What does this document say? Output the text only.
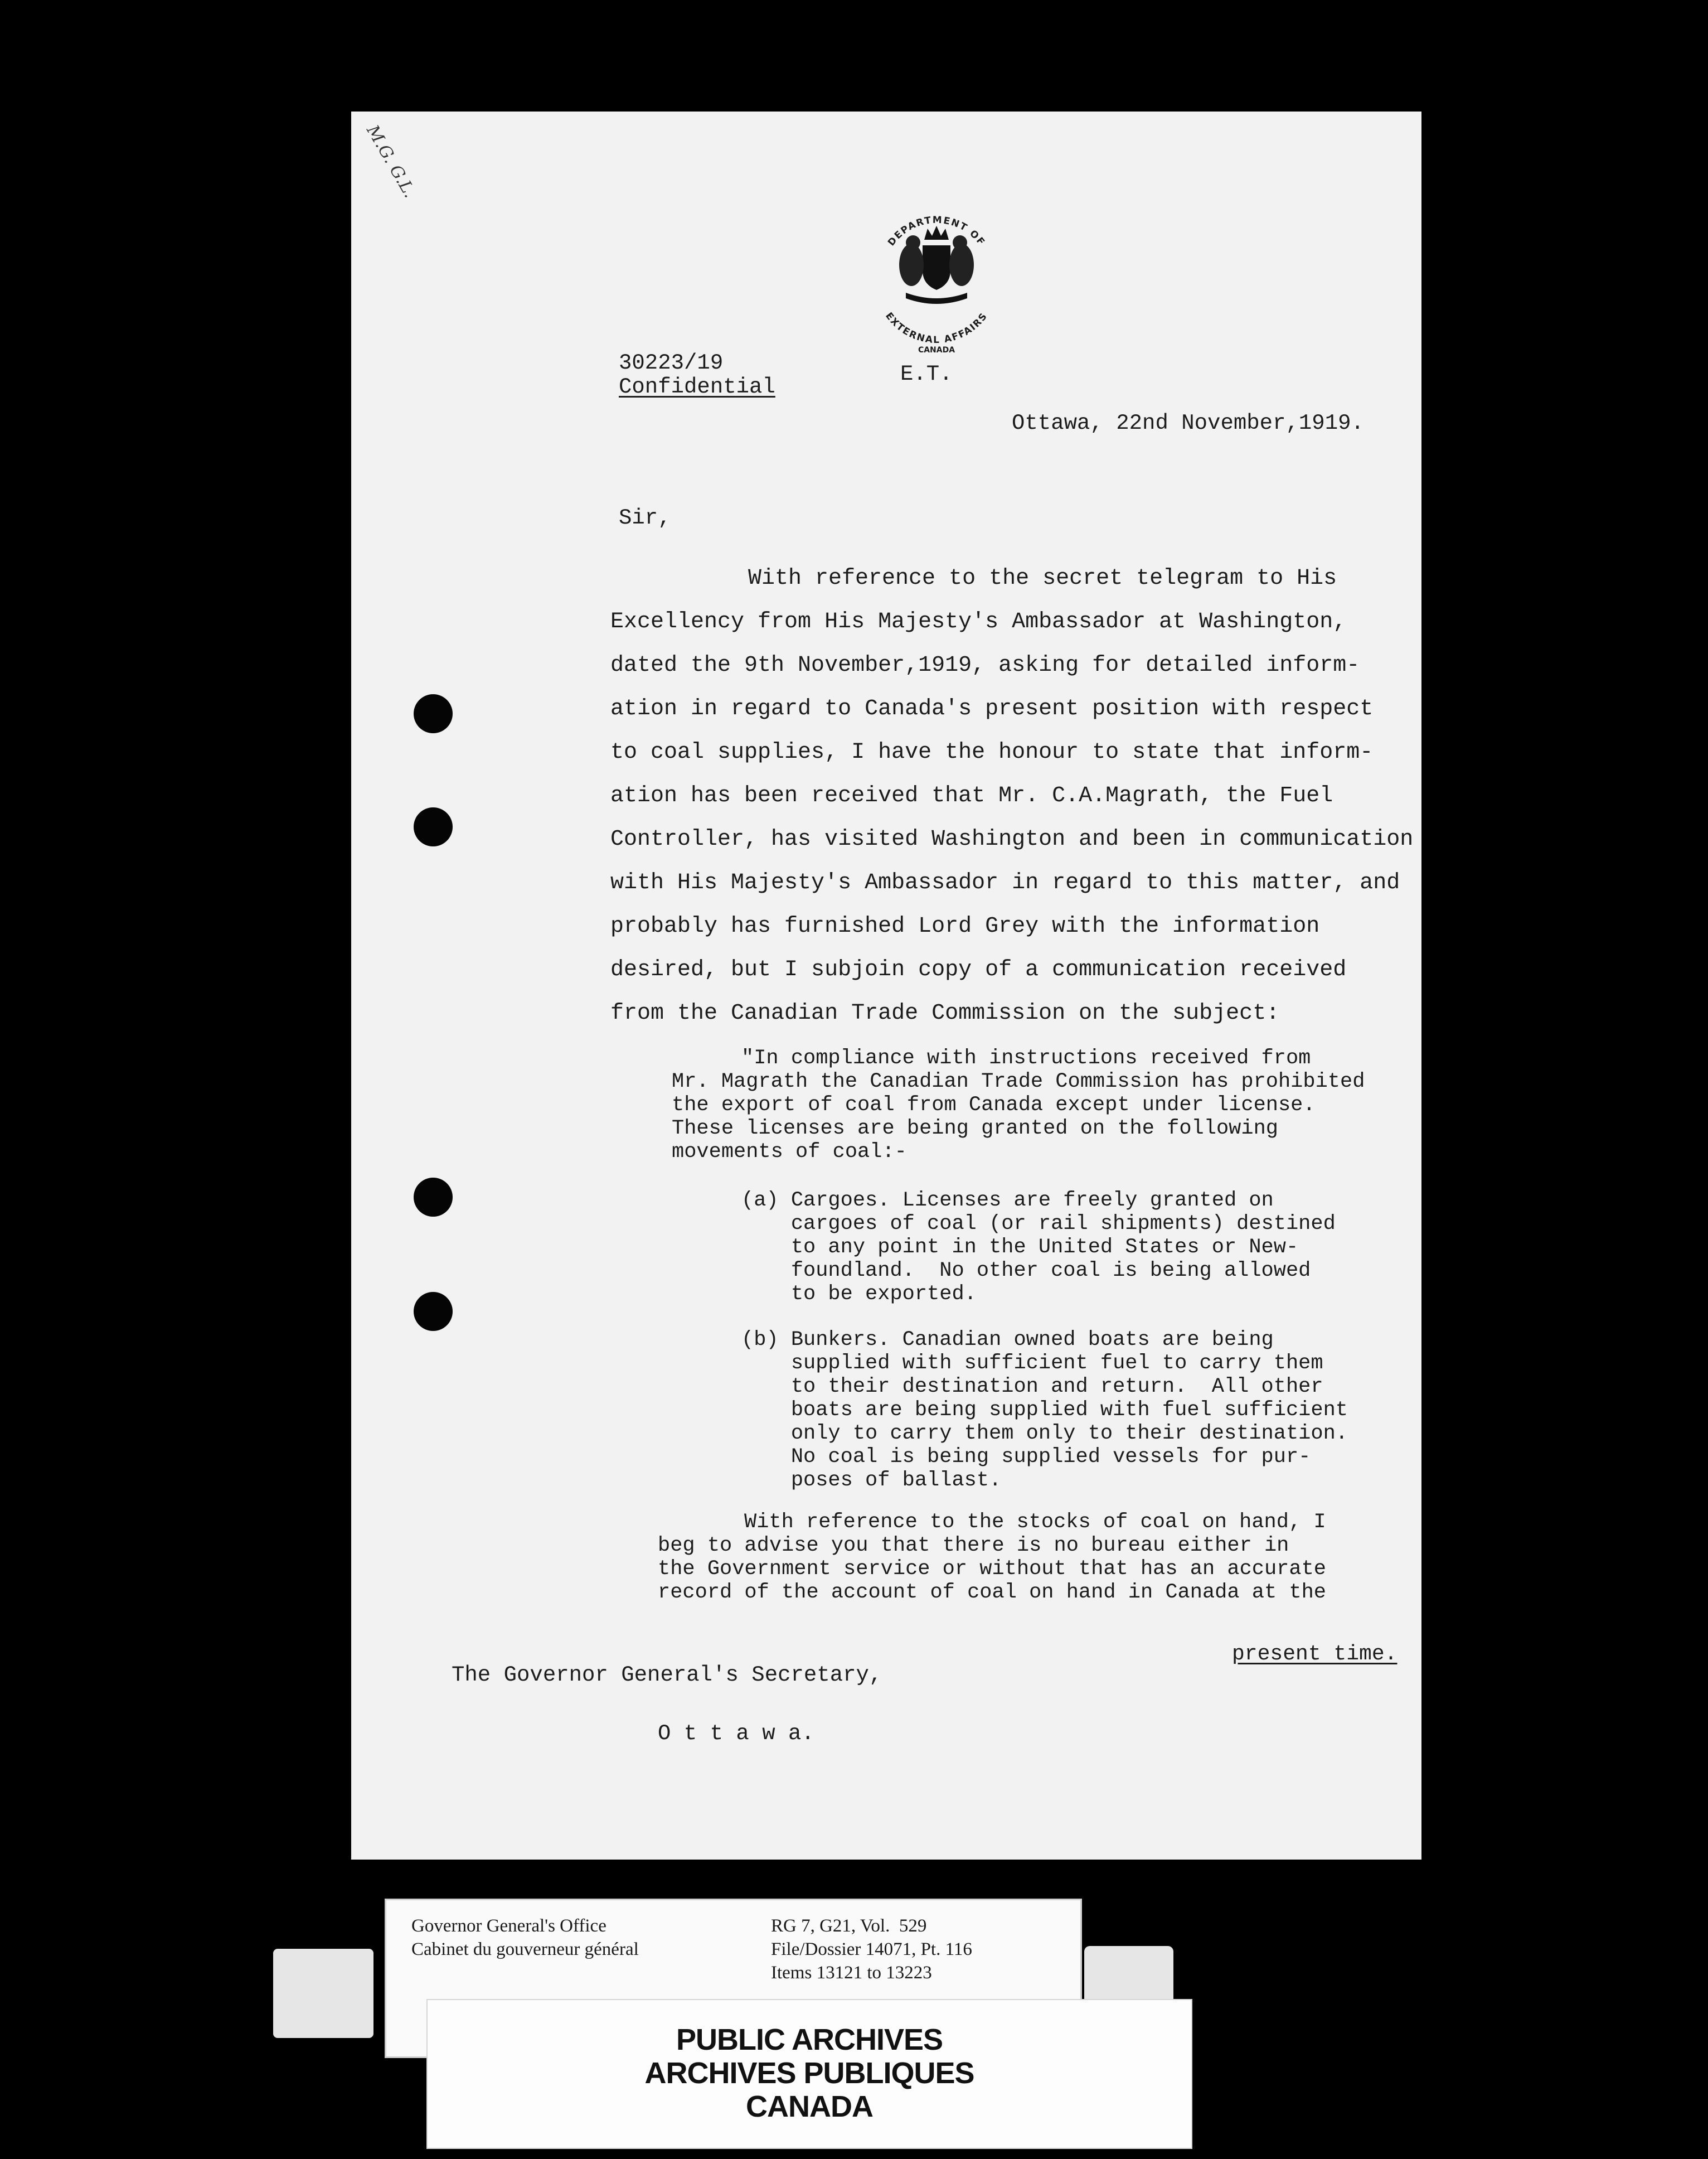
M.G. G.L.
DEPARTMENT OF
EXTERNAL AFFAIRS
CANADA
30223/19
Confidential
E.T.
Ottawa, 22nd November,1919.
Sir,
With reference to the secret telegram to His
Excellency from His Majesty's Ambassador at Washington,
dated the 9th November,1919, asking for detailed inform-
ation in regard to Canada's present position with respect
to coal supplies, I have the honour to state that inform-
ation has been received that Mr. C.A.Magrath, the Fuel
Controller, has visited Washington and been in communication
with His Majesty's Ambassador in regard to this matter, and
probably has furnished Lord Grey with the information
desired, but I subjoin copy of a communication received
from the Canadian Trade Commission on the subject:
"In compliance with instructions received from
Mr. Magrath the Canadian Trade Commission has prohibited
the export of coal from Canada except under license.
These licenses are being granted on the following
movements of coal:-
(a) Cargoes. Licenses are freely granted on
cargoes of coal (or rail shipments) destined
to any point in the United States or New-
foundland.  No other coal is being allowed
to be exported.
(b) Bunkers. Canadian owned boats are being
supplied with sufficient fuel to carry them
to their destination and return.  All other
boats are being supplied with fuel sufficient
only to carry them only to their destination.
No coal is being supplied vessels for pur-
poses of ballast.
With reference to the stocks of coal on hand, I
beg to advise you that there is no bureau either in
the Government service or without that has an accurate
record of the account of coal on hand in Canada at the
present time.
The Governor General's Secretary,
O t t a w a.
Governor General's Office
Cabinet du gouverneur général
RG 7, G21, Vol.  529
File/Dossier 14071, Pt. 116
Items 13121 to 13223
PUBLIC ARCHIVES
ARCHIVES PUBLIQUES
CANADA
